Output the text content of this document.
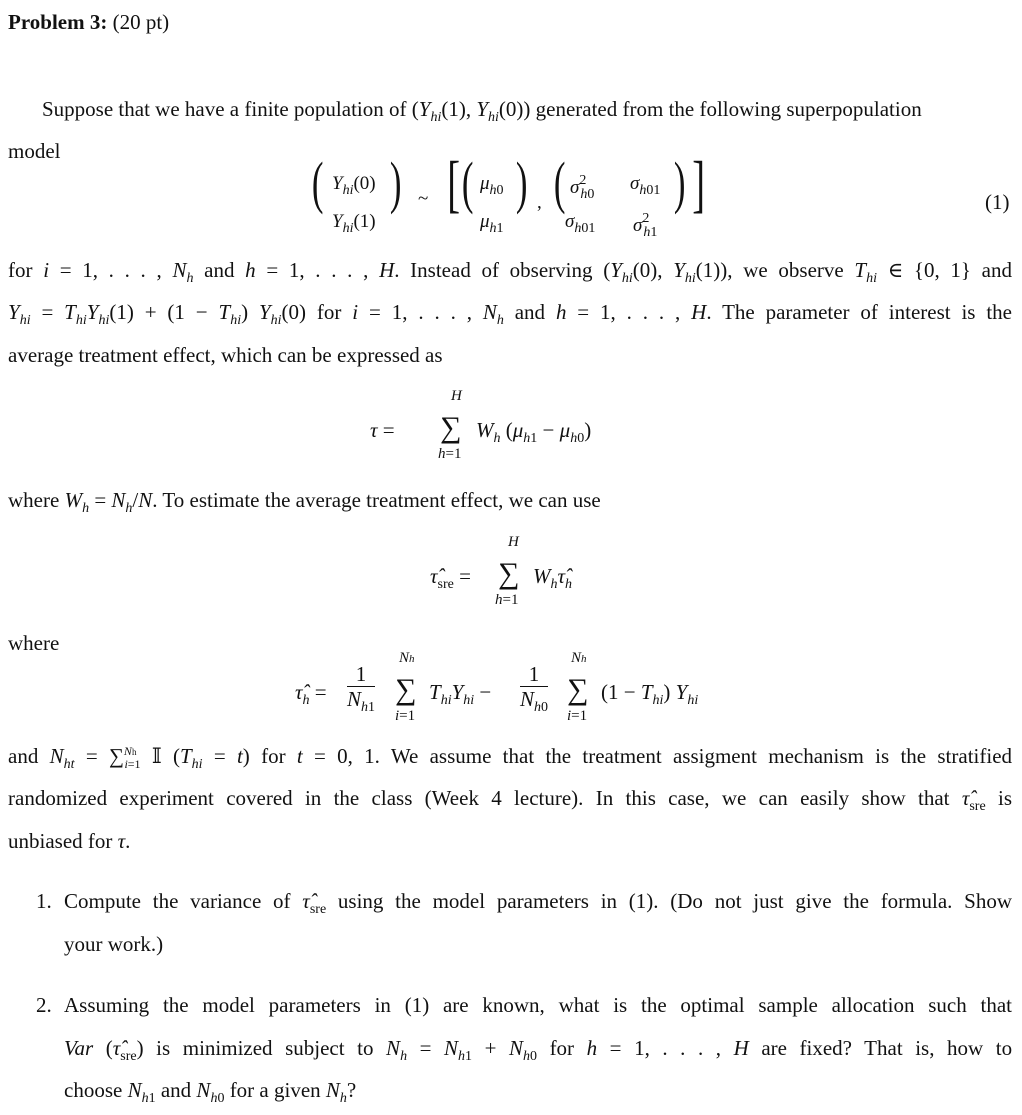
Problem 3: (20 pt)
Suppose that we have a finite population of ($Y_{hi}(1)$, $Y_{hi}(0)$) generated from the following superpopulation
model	( $Y_{hi}(0)$
$Y_{hi}(1)$
) ~ [ ( $\mu_{h0}$
$\mu_{h1}$
) , ( $\sigma^2_{h0}$
$\sigma_{h01}$
$\sigma_{h01}$ $\sigma^2_{h1}$
) ]	(1)
for i = 1, . . . , $N_h$ and h = 1, . . . , H. Instead of observing ($Y_{hi}(0)$, $Y_{hi}(1)$), we observe $T_{hi}$ ∈ {0, 1} and
$Y_{hi} = T_{hi}Y_{hi}(1) + (1 - T_{hi})$ $Y_{hi}(0)$ for i = 1, . . . , $N_h$ and h = 1, . . . , H. The parameter of interest is the
average treatment effect, which can be expressed as
τ =
H
∑
h=1
$W_h$ $(\mu_{h1} - \mu_{h0})$
where $W_h = N_h/N$. To estimate the average treatment effect, we can use
$\taû_{sre}$ =
H
∑
h=1
$W_h\taû_h$
where
$\taû_h = \frac{1}{N_{h1}}$
Nh
∑
i=1
$T_{hi}Y_{hi} - \frac{1}{N_{h0}}$
Nh
∑
i=1
$(1 - T_{hi})$ $Y_{hi}$
and $N_{ht} = \sum^{Nh}_{i=1}$ 𝕀 $(T_{hi} = t)$ for t = 0, 1. We assume that the treatment assigment mechanism is the stratified
randomized experiment covered in the class (Week 4 lecture). In this case, we can easily show that $\taû_{sre}$ is
unbiased for τ.
1. Compute the variance of $\taû_{sre}$ using the model parameters in (1). (Do not just give the formula. Show
your work.)
2. Assuming the model parameters in (1) are known, what is the optimal sample allocation such that
Var $(\taû_{sre})$ is minimized subject to $N_h = N_{h1} + N_{h0}$ for h = 1, . . . , H are fixed? That is, how to
choose $N_{h1}$ and $N_{h0}$ for a given $N_h$?
